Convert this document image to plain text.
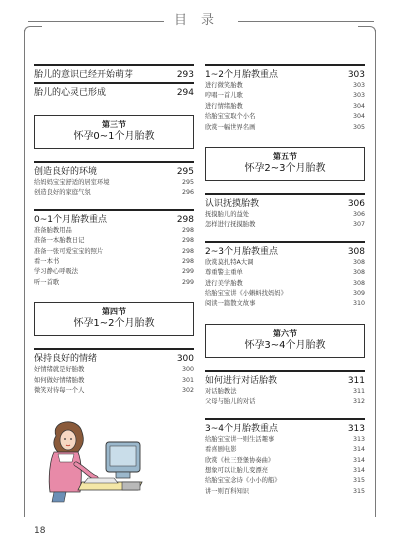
目录
胎儿的意识已经开始萌芽	293
胎儿的心灵已形成	294
第三节
怀孕0~1个月胎教
创造良好的环境	295
给妈妈宝宝舒适的居室环境	295
创造良好的家庭气氛	296
0~1个月胎教重点	298
准备胎教用品	298
准备一本胎教日记	298
准备一张可爱宝宝的照片	298
看一本书	298
学习静心呼吸法	299
听一首歌	299
第四节
怀孕1~2个月胎教
保持良好的情绪	300
好情绪就是好胎教	300
如何做好情绪胎教	301
微笑对待每一个人	302
1~2个月胎教重点	303
进行微笑胎教	303
哼唱一首儿歌	303
进行情绪胎教	304
给胎宝宝取个小名	304
欣赏一幅世界名画	305
第五节
怀孕2~3个月胎教
认识抚摸胎教	306
抚摸胎儿的益处	306
怎样进行抚摸胎教	307
2~3个月胎教重点	308
欣赏莫扎特A大调	308
尊重警主重单	308
进行美学胎教	308
给胎宝宝讲《小蝌蚪找妈妈》	309
阅读一篇散文故事	310
第六节
怀孕3~4个月胎教
如何进行对话胎教	311
对话胎教法	311
父母与胎儿的对话	312
3~4个月胎教重点	313
给胎宝宝讲一则生活趣事	313
看喜剧电影	314
欣赏《杜三登堡协奏曲》	314
想象可以让胎儿变漂亮	314
给胎宝宝念诗《小小的船》	315
讲一则百科知识	315
18
